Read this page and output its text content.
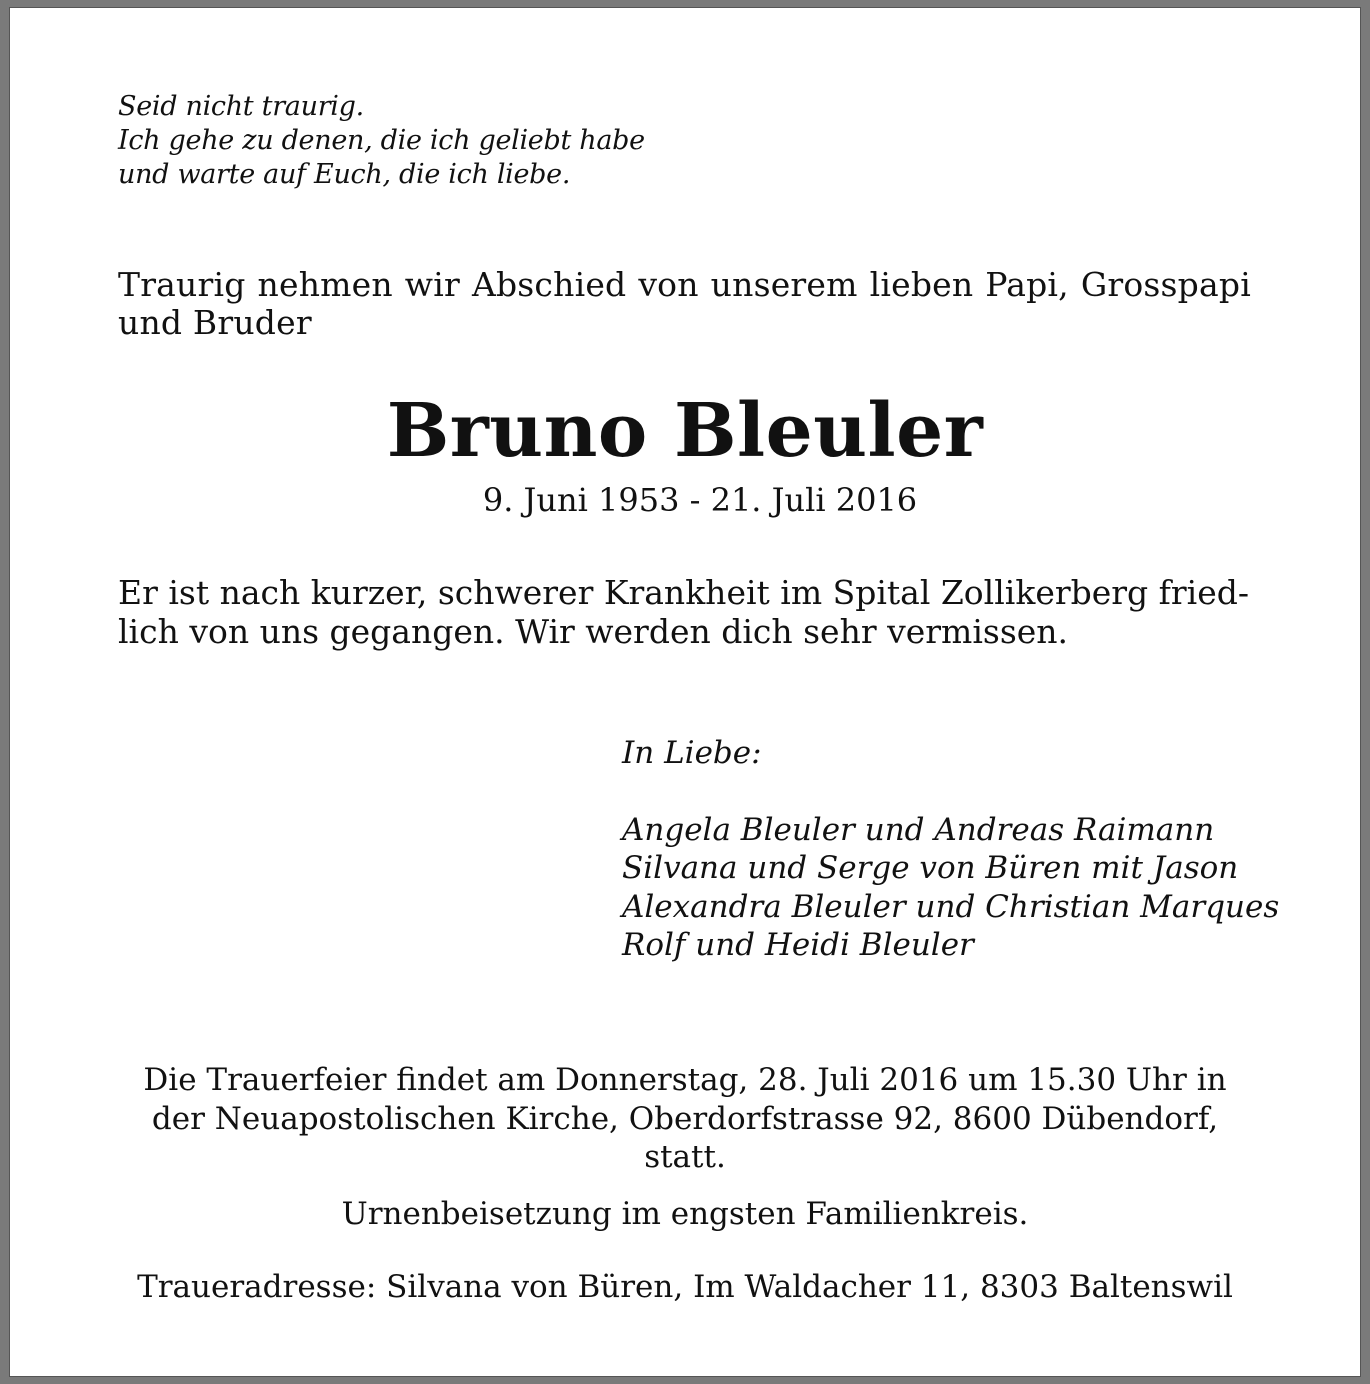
Seid nicht traurig.
Ich gehe zu denen, die ich geliebt habe
und warte auf Euch, die ich liebe.
Traurig nehmen wir Abschied von unserem lieben Papi, Grosspapi
und Bruder
Bruno Bleuler
9. Juni 1953 - 21. Juli 2016
Er ist nach kurzer, schwerer Krankheit im Spital Zollikerberg fried-
lich von uns gegangen. Wir werden dich sehr vermissen.
In Liebe:
Angela Bleuler und Andreas Raimann
Silvana und Serge von Büren mit Jason
Alexandra Bleuler und Christian Marques
Rolf und Heidi Bleuler
Die Trauerfeier findet am Donnerstag, 28. Juli 2016 um 15.30 Uhr in
der Neuapostolischen Kirche, Oberdorfstrasse 92, 8600 Dübendorf,
statt.
Urnenbeisetzung im engsten Familienkreis.
Traueradresse: Silvana von Büren, Im Waldacher 11, 8303 Baltenswil
